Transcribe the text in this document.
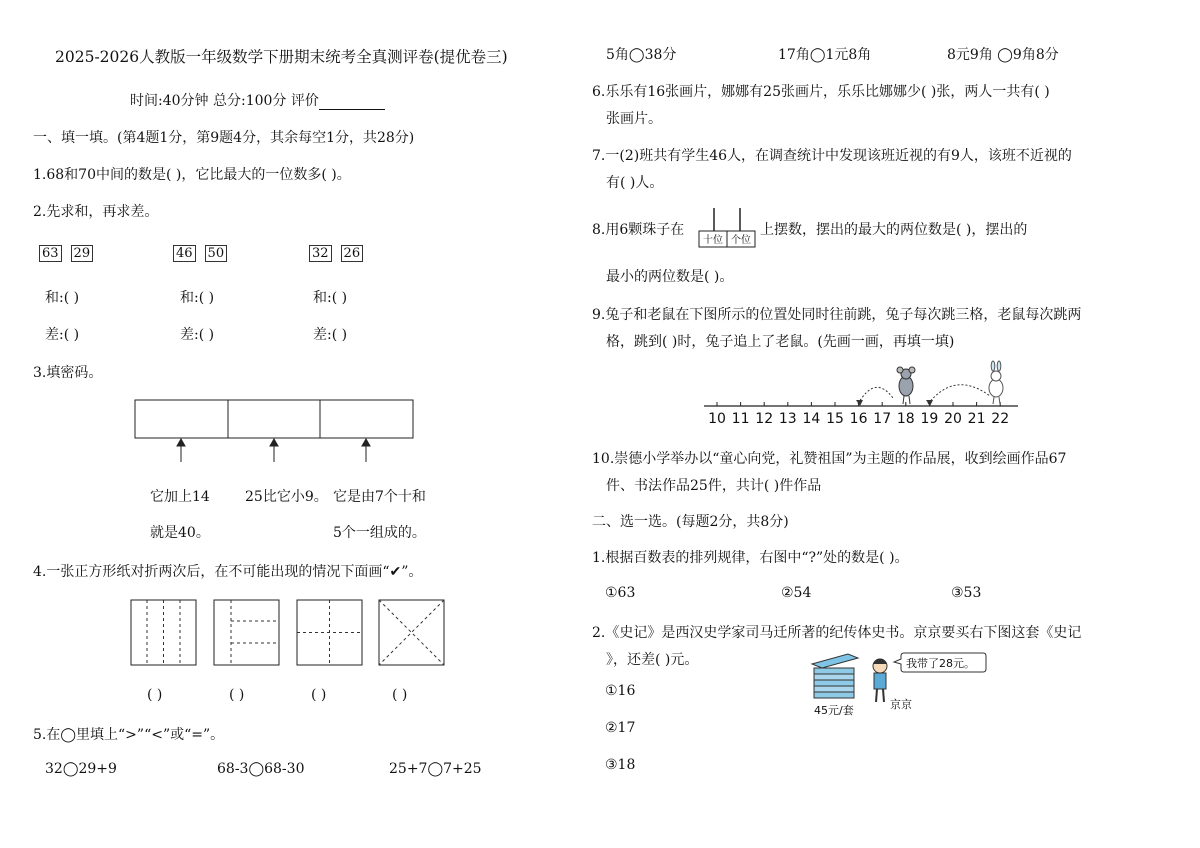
2025-2026人教版一年级数学下册期末统考全真测评卷(提优卷三)
时间:40分钟 总分:100分 评价
一、填一填。(第4题1分，第9题4分，其余每空1分，共28分)
1.68和70中间的数是( )，它比最大的一位数多( )。
2.先求和，再求差。
63 29	46 50	32 26
和:( )	和:( )	和:( )
差:( )	差:( )	差:( )
3.填密码。
它加上14
就是40。
25比它小9。 它是由7个十和
5个一组成的。
4.一张正方形纸对折两次后，在不可能出现的情况下面画“✔”。
( )	( )	( )	( )
5.在◯里填上“>”“<”或“=”。
32◯29+9	68-3◯68-30	25+7◯7+25
5角◯38分	17角◯1元8角	8元9角 ◯9角8分
6.乐乐有16张画片，娜娜有25张画片，乐乐比娜娜少( )张，两人一共有( )
张画片。
7.一(2)班共有学生46人，在调查统计中发现该班近视的有9人，该班不近视的
有( )人。
8.用6颗珠子在
十位 个位
上摆数，摆出的最大的两位数是( )，摆出的
最小的两位数是( )。
9.兔子和老鼠在下图所示的位置处同时往前跳，兔子每次跳三格，老鼠每次跳两
格，跳到( )时，兔子追上了老鼠。(先画一画，再填一填)
10 11 12 13 14 15 16 17 18 19 20 21 22
10.崇德小学举办以“童心向党，礼赞祖国”为主题的作品展，收到绘画作品67
件、书法作品25件，共计( )件作品
二、选一选。(每题2分，共8分)
1.根据百数表的排列规律，右图中“?”处的数是( )。
①63	②54	③53
2.《史记》是西汉史学家司马迁所著的纪传体史书。京京要买右下图这套《史记
》，还差( )元。
45元/套
我带了28元。
京京
①16
②17
③18
